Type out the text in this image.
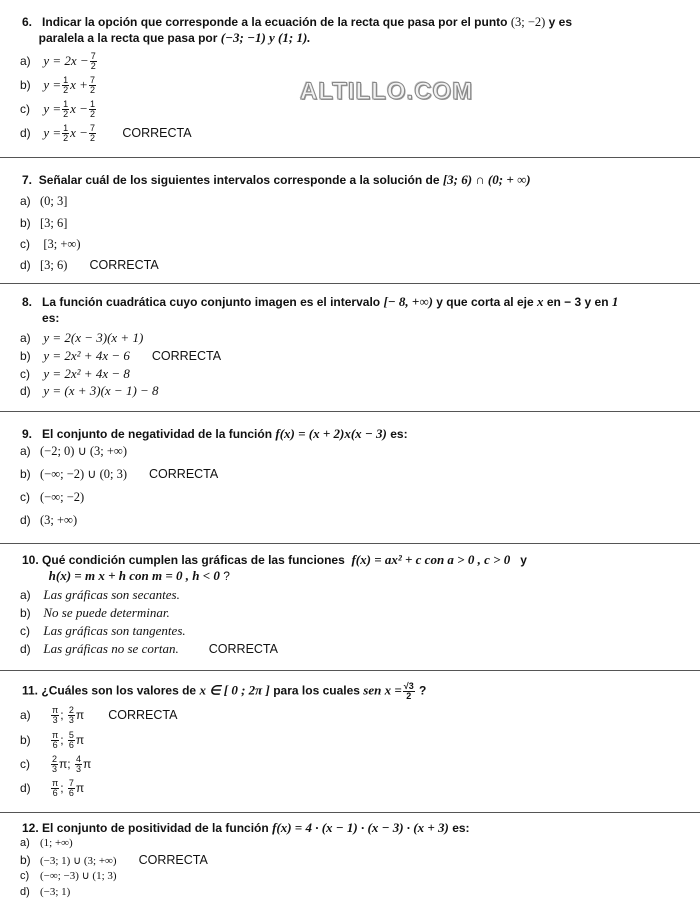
ALTILLO.COM
6. Indicar la opción que corresponde a la ecuación de la recta que pasa por el punto (3; −2) y es
paralela a la recta que pasa por (−3; −1) y (1; 1).
a) $y = 2x - \frac{7}{2}$
b) $y = \frac{1}{2}$ $x + \frac{7}{2}$
c) $y = \frac{1}{2}$ $x - \frac{1}{2}$
d) $y = \frac{1}{2}$ $x - \frac{7}{2}$ CORRECTA
7. Señalar cuál de los siguientes intervalos corresponde a la solución de [3; 6) ∩ (0; + ∞)
a) (0; 3]
b) [3; 6]
c) [3; +∞)
d) [3; 6) CORRECTA
8. La función cuadrática cuyo conjunto imagen es el intervalo [− 8, +∞) y que corta al eje x en − 3 y en 1
es:
a) y = 2(x − 3)(x + 1)
b) y = 2x² + 4x − 6 CORRECTA
c) y = 2x² + 4x − 8
d) y = (x + 3)(x − 1) − 8
9. El conjunto de negatividad de la función f(x) = (x + 2)x(x − 3) es:
a) (−2; 0) ∪ (3; +∞)
b) (−∞; −2) ∪ (0; 3) CORRECTA
c) (−∞; −2)
d) (3; +∞)
10. Qué condición cumplen las gráficas de las funciones f(x) = ax² + c con a > 0 , c > 0 y
h(x) = m x + h con m = 0 , h < 0 ?
a) Las gráficas son secantes.
b) No se puede determinar.
c) Las gráficas son tangentes.
d) Las gráficas no se cortan. CORRECTA
11. ¿Cuáles son los valores de x ∈ [ 0 ; 2π ] para los cuales sen $x = \frac{√3}{2}$ ?
$a) \frac{\pi}{3}$ ; $\frac{2}{3}$ π CORRECTA
$b) \frac{\pi}{6}$ ; $\frac{5}{6}$ π
$c) \frac{2}{3} \pi$; $\frac{4}{3}$ π
$d) \frac{\pi}{6}$ ; $\frac{7}{6}$ π
12. El conjunto de positividad de la función f(x) = 4 · (x − 1) · (x − 3) · (x + 3) es:
a) (1; +∞)
b) (−3; 1) ∪ (3; +∞) CORRECTA
c) (−∞; −3) ∪ (1; 3)
d) (−3; 1)
